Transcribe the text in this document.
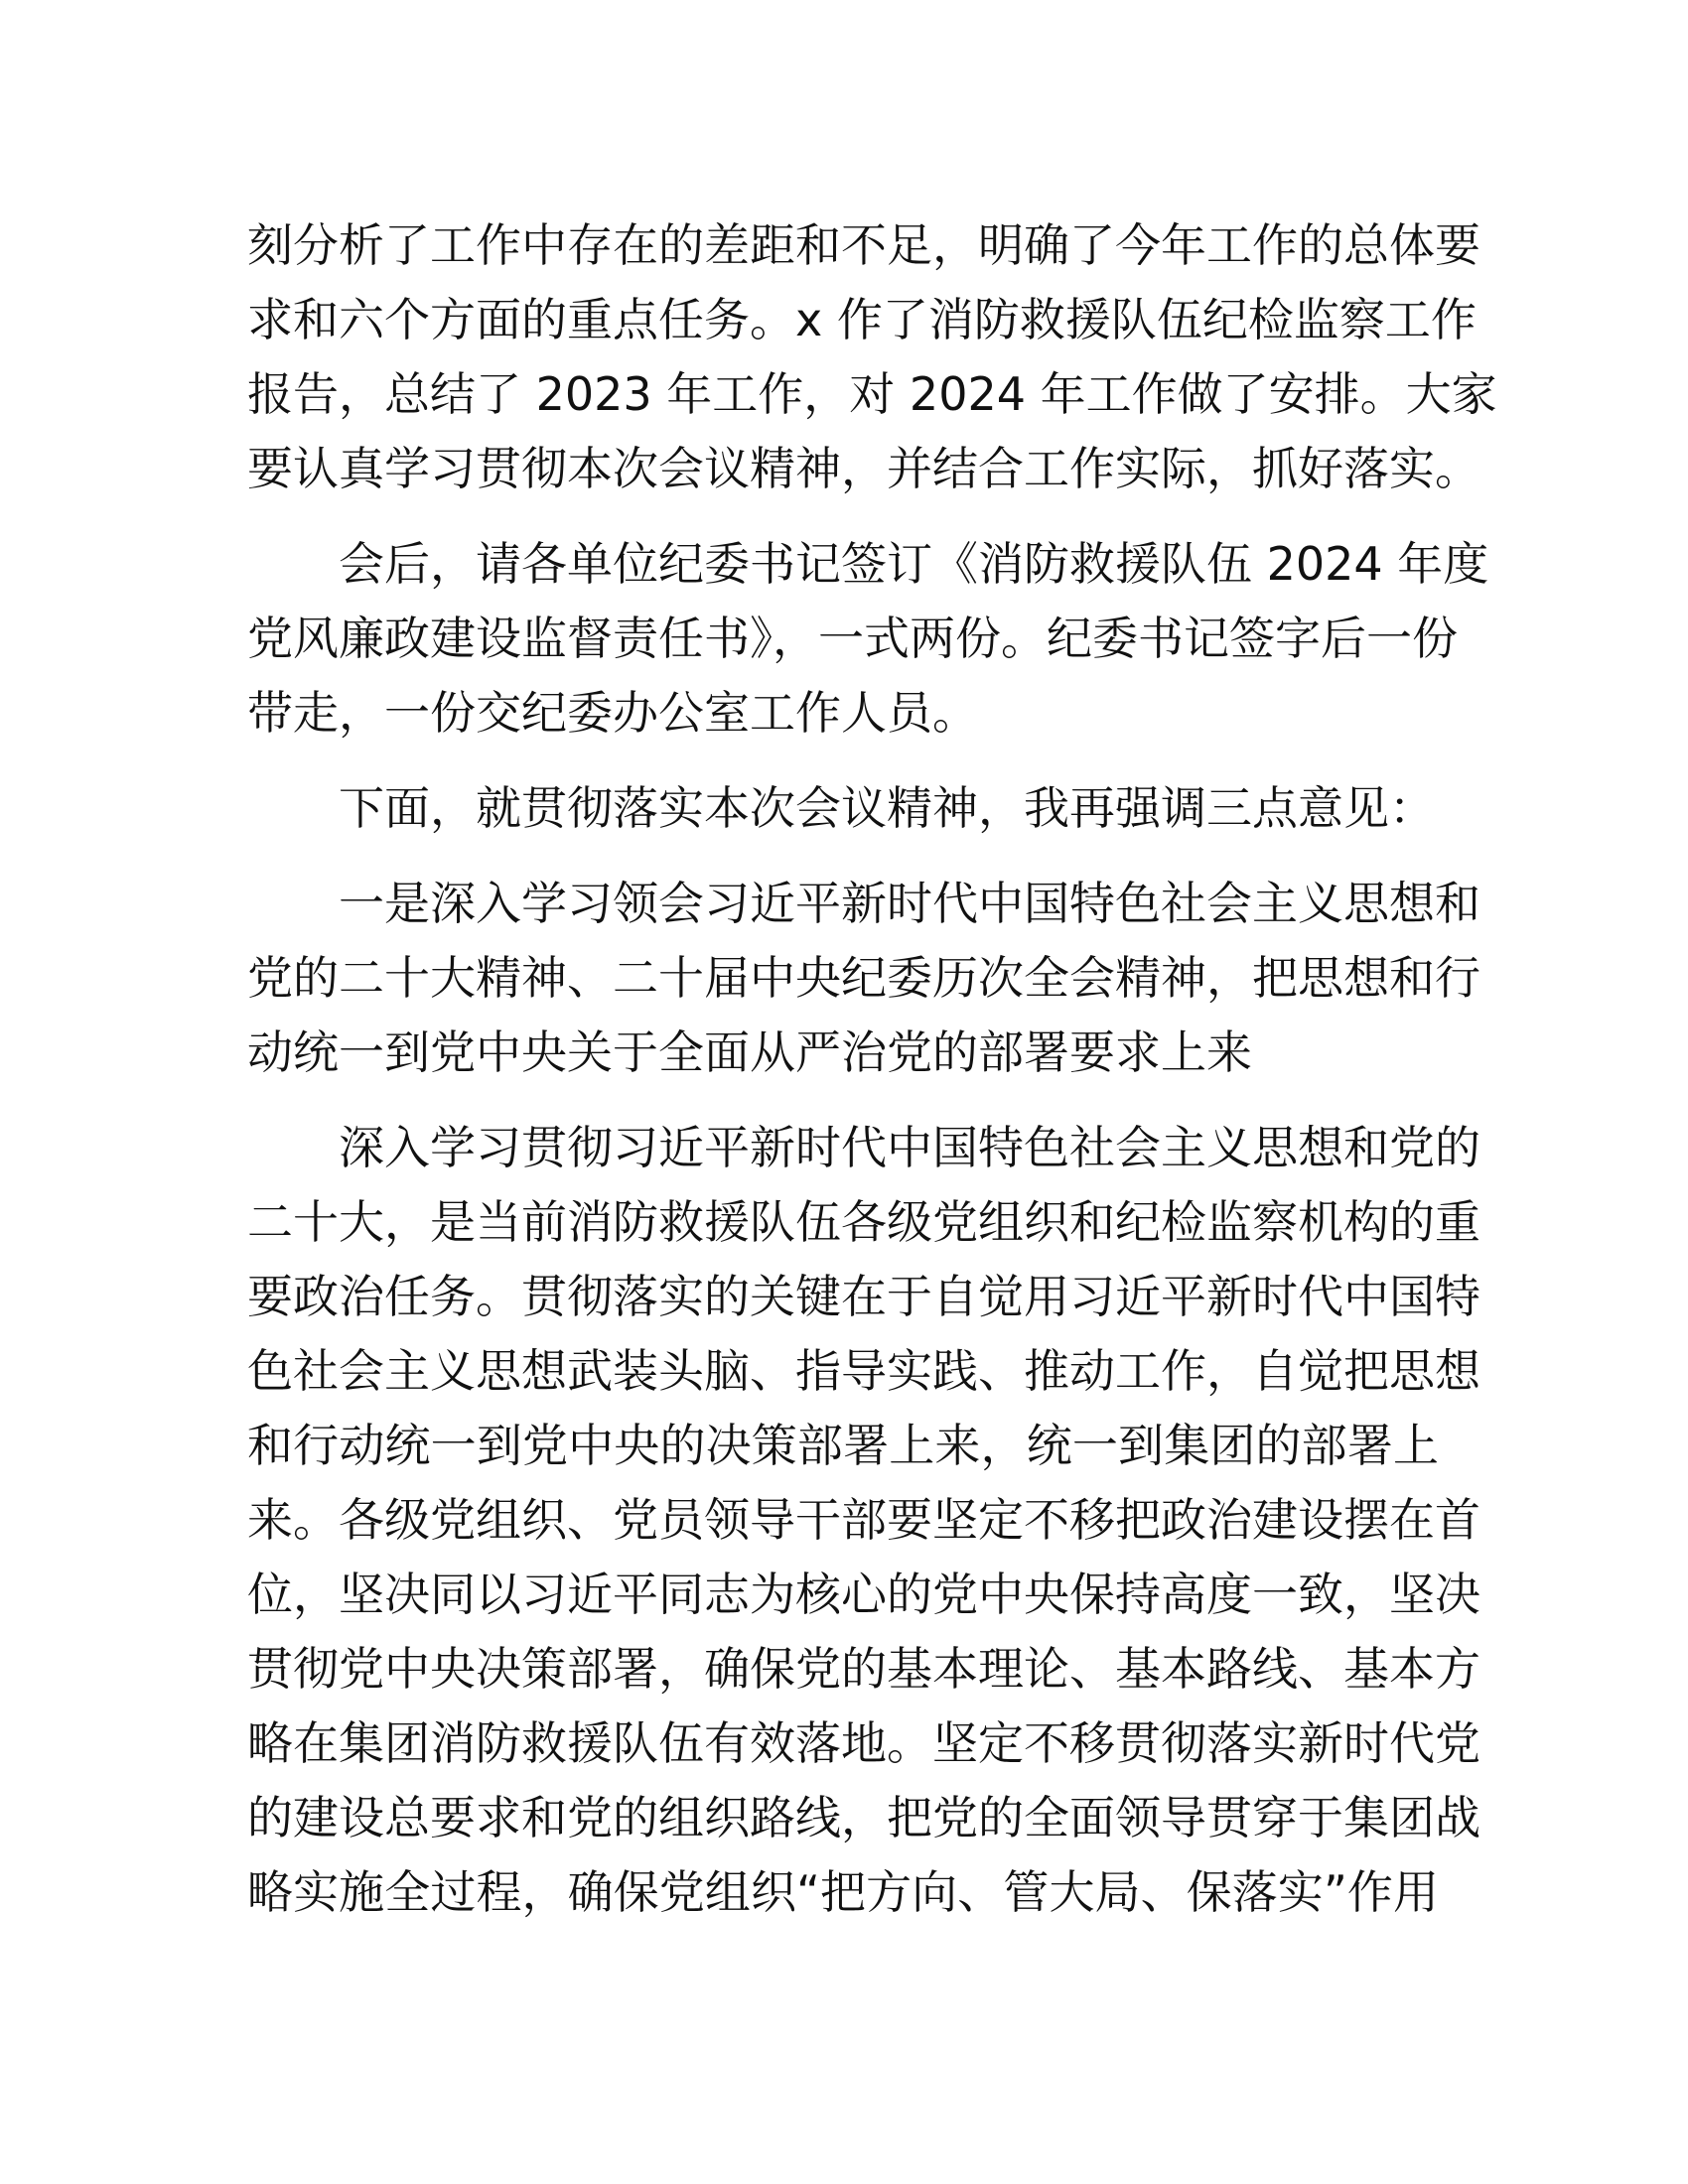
刻分析了工作中存在的差距和不足，明确了今年工作的总体要
求和六个方面的重点任务。x 作了消防救援队伍纪检监察工作
报告，总结了 2023 年工作，对 2024 年工作做了安排。大家
要认真学习贯彻本次会议精神，并结合工作实际，抓好落实。

会后，请各单位纪委书记签订《消防救援队伍 2024 年度
党风廉政建设监督责任书》，一式两份。纪委书记签字后一份
带走，一份交纪委办公室工作人员。

下面，就贯彻落实本次会议精神，我再强调三点意见：

一是深入学习领会习近平新时代中国特色社会主义思想和
党的二十大精神、二十届中央纪委历次全会精神，把思想和行
动统一到党中央关于全面从严治党的部署要求上来

深入学习贯彻习近平新时代中国特色社会主义思想和党的
二十大，是当前消防救援队伍各级党组织和纪检监察机构的重
要政治任务。贯彻落实的关键在于自觉用习近平新时代中国特
色社会主义思想武装头脑、指导实践、推动工作，自觉把思想
和行动统一到党中央的决策部署上来，统一到集团的部署上
来。各级党组织、党员领导干部要坚定不移把政治建设摆在首
位，坚决同以习近平同志为核心的党中央保持高度一致，坚决
贯彻党中央决策部署，确保党的基本理论、基本路线、基本方
略在集团消防救援队伍有效落地。坚定不移贯彻落实新时代党
的建设总要求和党的组织路线，把党的全面领导贯穿于集团战
略实施全过程，确保党组织“把方向、管大局、保落实”作用
